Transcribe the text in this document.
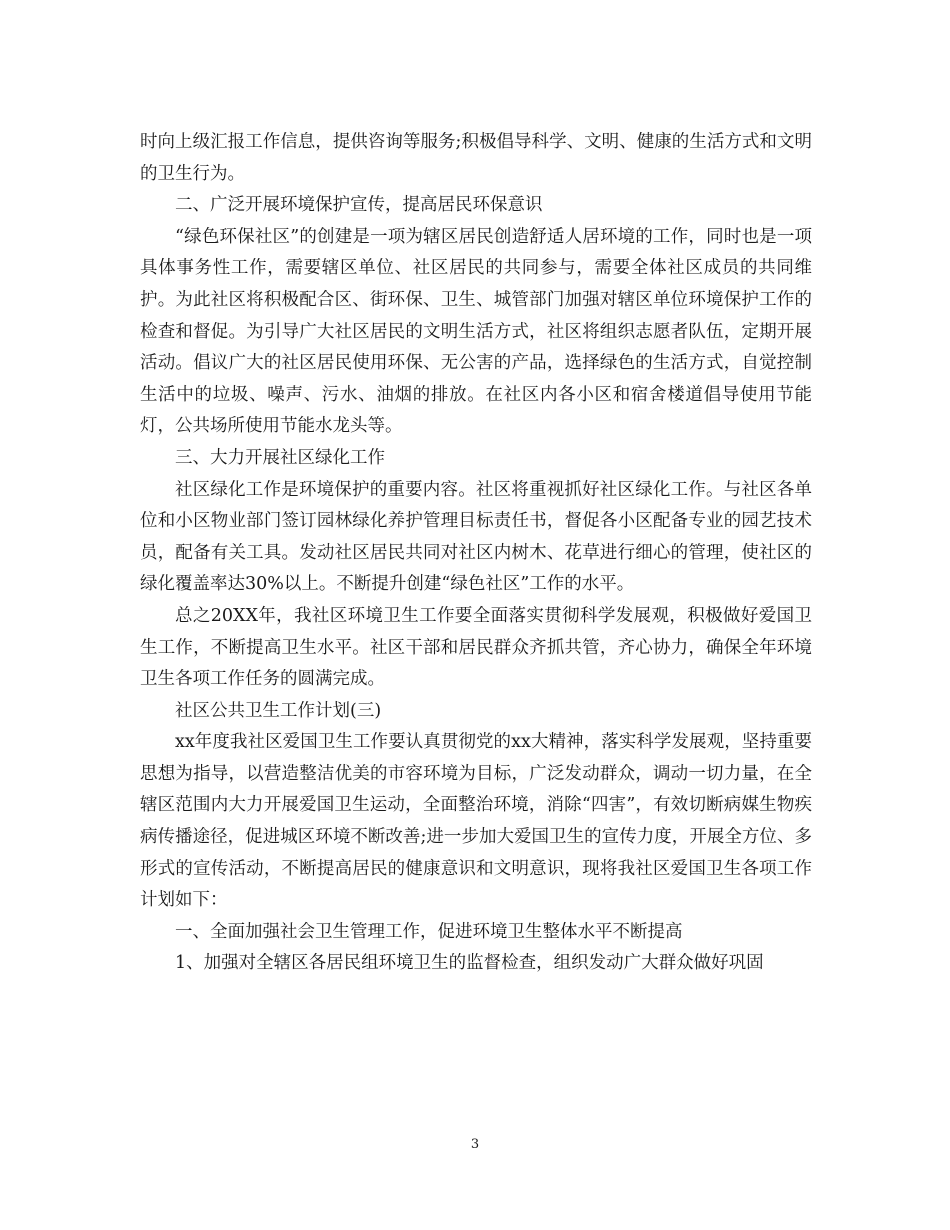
时向上级汇报工作信息，提供咨询等服务;积极倡导科学、文明、健康的生活方式和文明的卫生行为。

二、广泛开展环境保护宣传，提高居民环保意识

“绿色环保社区”的创建是一项为辖区居民创造舒适人居环境的工作，同时也是一项具体事务性工作，需要辖区单位、社区居民的共同参与，需要全体社区成员的共同维护。为此社区将积极配合区、街环保、卫生、城管部门加强对辖区单位环境保护工作的检查和督促。为引导广大社区居民的文明生活方式，社区将组织志愿者队伍，定期开展活动。倡议广大的社区居民使用环保、无公害的产品，选择绿色的生活方式，自觉控制生活中的垃圾、噪声、污水、油烟的排放。在社区内各小区和宿舍楼道倡导使用节能灯，公共场所使用节能水龙头等。

三、大力开展社区绿化工作

社区绿化工作是环境保护的重要内容。社区将重视抓好社区绿化工作。与社区各单位和小区物业部门签订园林绿化养护管理目标责任书，督促各小区配备专业的园艺技术员，配备有关工具。发动社区居民共同对社区内树木、花草进行细心的管理，使社区的绿化覆盖率达30%以上。不断提升创建“绿色社区”工作的水平。

总之20XX年，我社区环境卫生工作要全面落实贯彻科学发展观，积极做好爱国卫生工作，不断提高卫生水平。社区干部和居民群众齐抓共管，齐心协力，确保全年环境卫生各项工作任务的圆满完成。

社区公共卫生工作计划(三)

xx年度我社区爱国卫生工作要认真贯彻党的xx大精神，落实科学发展观，坚持重要思想为指导，以营造整洁优美的市容环境为目标，广泛发动群众，调动一切力量，在全辖区范围内大力开展爱国卫生运动，全面整治环境，消除“四害”，有效切断病媒生物疾病传播途径，促进城区环境不断改善;进一步加大爱国卫生的宣传力度，开展全方位、多形式的宣传活动，不断提高居民的健康意识和文明意识，现将我社区爱国卫生各项工作计划如下：

一、全面加强社会卫生管理工作，促进环境卫生整体水平不断提高

1、加强对全辖区各居民组环境卫生的监督检查，组织发动广大群众做好巩固

3
